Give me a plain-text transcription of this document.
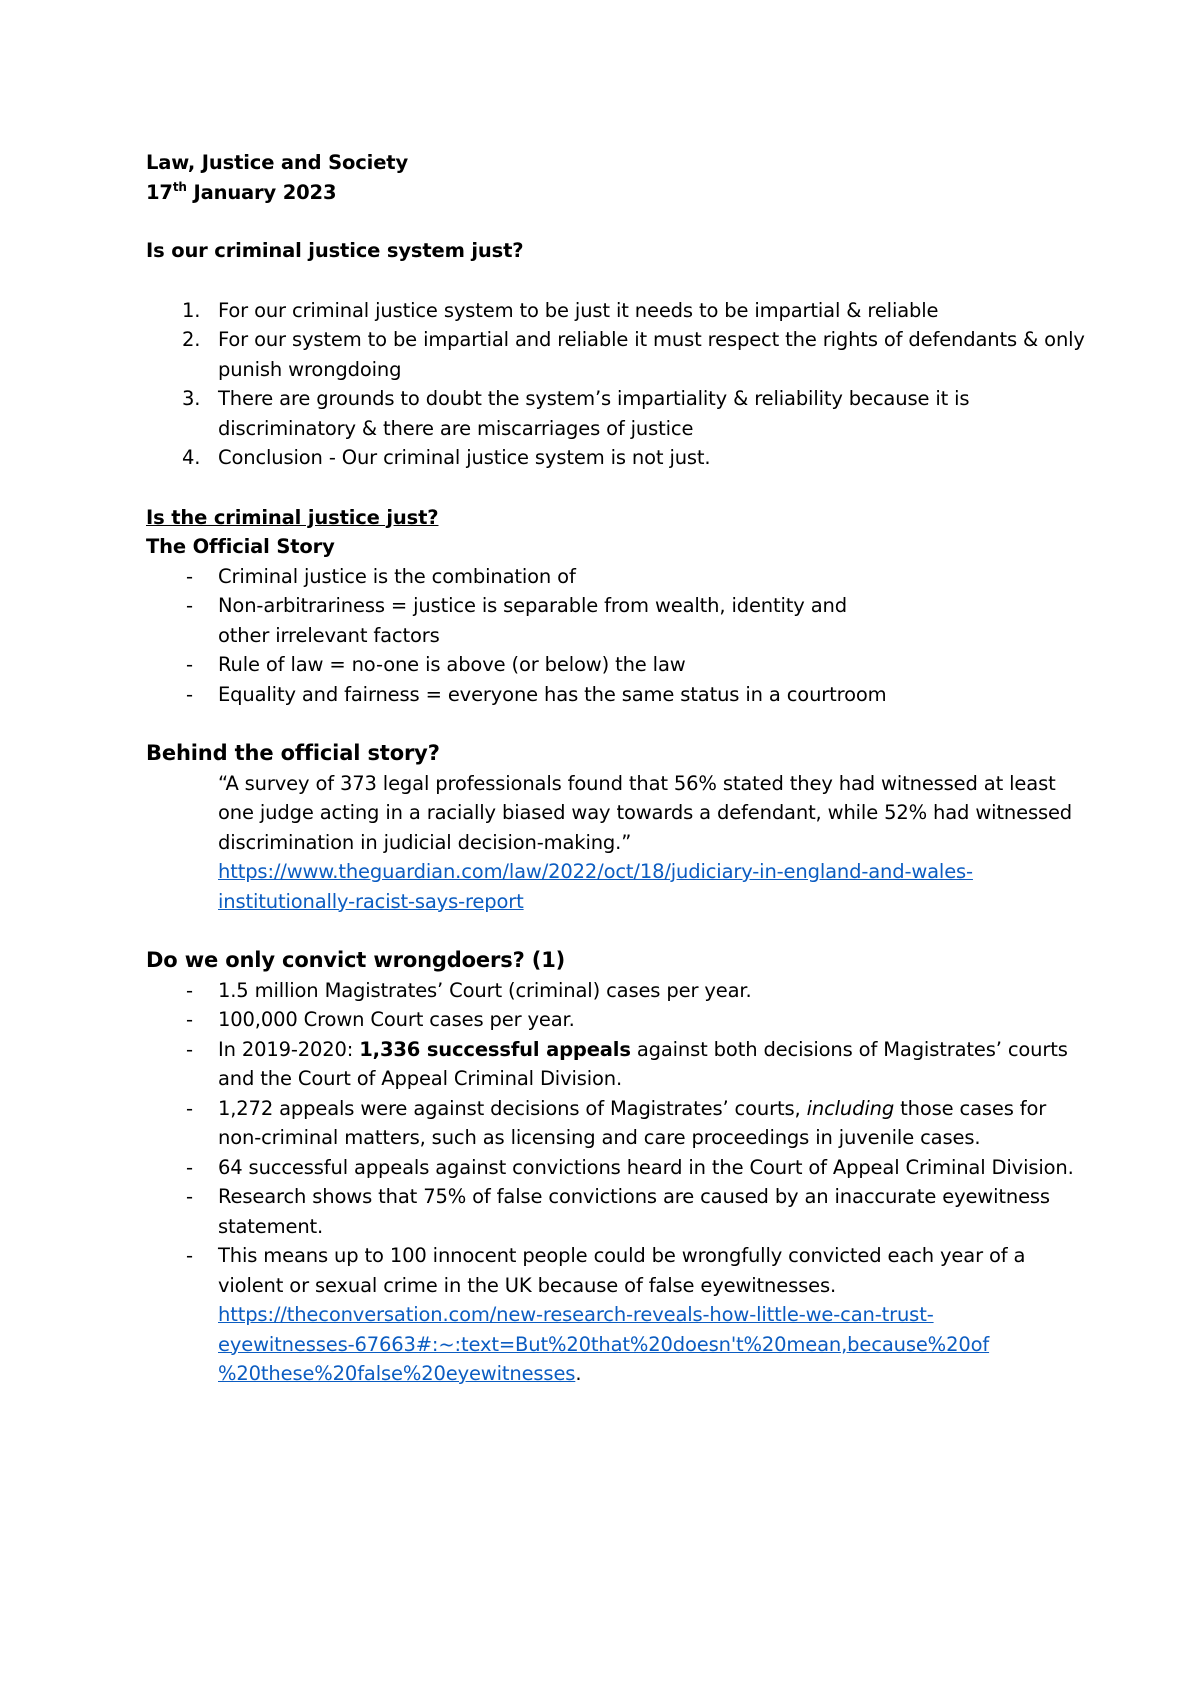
Law, Justice and Society

17th January 2023

Is our criminal justice system just?

1. For our criminal justice system to be just it needs to be impartial & reliable
2. For our system to be impartial and reliable it must respect the rights of defendants & only punish wrongdoing
3. There are grounds to doubt the system’s impartiality & reliability because it is discriminatory & there are miscarriages of justice
4. Conclusion - Our criminal justice system is not just.

Is the criminal justice just?

The Official Story

- Criminal justice is the combination of
- Non-arbitrariness = justice is separable from wealth, identity and
other irrelevant factors
- Rule of law = no-one is above (or below) the law
- Equality and fairness = everyone has the same status in a courtroom

Behind the official story?

“A survey of 373 legal professionals found that 56% stated they had witnessed at least one judge acting in a racially biased way towards a defendant, while 52% had witnessed discrimination in judicial decision-making.”

https://www.theguardian.com/law/2022/oct/18/judiciary-in-england-and-wales-
institutionally-racist-says-report

Do we only convict wrongdoers? (1)

- 1.5 million Magistrates’ Court (criminal) cases per year.
- 100,000 Crown Court cases per year.
- In 2019-2020: 1,336 successful appeals against both decisions of Magistrates’ courts and the Court of Appeal Criminal Division.
- 1,272 appeals were against decisions of Magistrates’ courts, including those cases for non-criminal matters, such as licensing and care proceedings in juvenile cases.
- 64 successful appeals against convictions heard in the Court of Appeal Criminal Division.
- Research shows that 75% of false convictions are caused by an inaccurate eyewitness statement.
- This means up to 100 innocent people could be wrongfully convicted each year of a violent or sexual crime in the UK because of false eyewitnesses.
https://theconversation.com/new-research-reveals-how-little-we-can-trust-
eyewitnesses-67663#:~:text=But%20that%20doesn't%20mean,because%20of
%20these%20false%20eyewitnesses.
